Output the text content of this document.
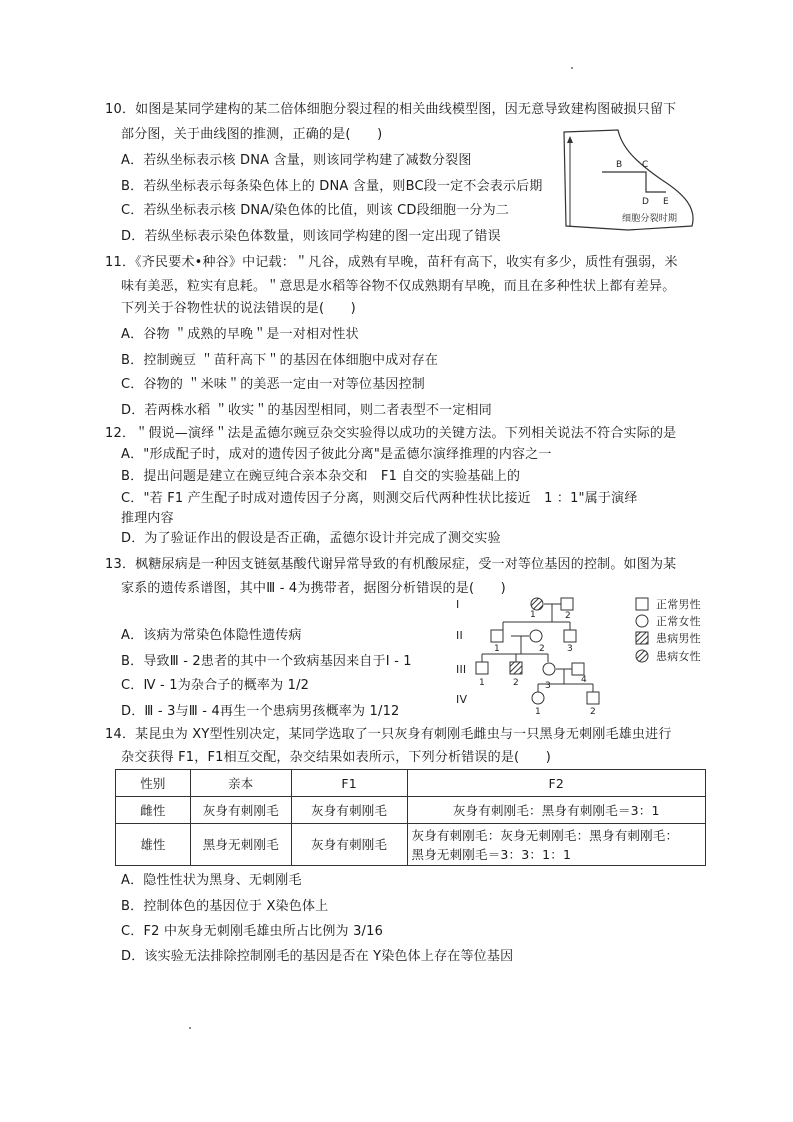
10．如图是某同学建构的某二倍体细胞分裂过程的相关曲线模型图，因无意导致建构图破损只留下
部分图，关于曲线图的推测，正确的是(　　)
A．若纵坐标表示核 DNA 含量，则该同学构建了减数分裂图
B．若纵坐标表示每条染色体上的 DNA 含量，则BC段一定不会表示后期
C．若纵坐标表示核 DNA/染色体的比值，则该 CD段细胞一分为二
D．若纵坐标表示染色体数量，则该同学构建的图一定出现了错误
B C
D E
细胞分裂时期
11．《齐民要术•种谷》中记载：＂凡谷，成熟有早晚，苗秆有高下，收实有多少，质性有强弱，米
味有美恶，粒实有息耗。＂意思是水稻等谷物不仅成熟期有早晚，而且在多种性状上都有差异。
下列关于谷物性状的说法错误的是(　　)
A．谷物 ＂成熟的早晚＂是一对相对性状
B．控制豌豆 ＂苗秆高下＂的基因在体细胞中成对存在
C．谷物的 ＂米味＂的美恶一定由一对等位基因控制
D．若两株水稻 ＂收实＂的基因型相同，则二者表型不一定相同
12．＂假说—演绎＂法是孟德尔豌豆杂交实验得以成功的关键方法。下列相关说法不符合实际的是
A．"形成配子时，成对的遗传因子彼此分离"是孟德尔演绎推理的内容之一
B．提出问题是建立在豌豆纯合亲本杂交和　F1 自交的实验基础上的
C．"若 F1 产生配子时成对遗传因子分离，则测交后代两种性状比接近　1 ：1"属于演绎
推理内容
D．为了验证作出的假设是否正确，孟德尔设计并完成了测交实验
13．枫糖尿病是一种因支链氨基酸代谢异常导致的有机酸尿症，受一对等位基因的控制。如图为某
家系的遗传系谱图，其中Ⅲ - 4为携带者，据图分析错误的是(　　)
A．该病为常染色体隐性遗传病
B．导致Ⅲ - 2患者的其中一个致病基因来自于Ⅰ - 1
C．Ⅳ - 1为杂合子的概率为 1/2
D．Ⅲ - 3与Ⅲ - 4再生一个患病男孩概率为 1/12
I
II
III
IV
1	2
1	2 3
1	2	3
4
1	2
正常男性
正常女性
患病男性
患病女性
14．某昆虫为 XY型性别决定，某同学选取了一只灰身有刺刚毛雌虫与一只黑身无刺刚毛雄虫进行
杂交获得 F1，F1相互交配，杂交结果如表所示，下列分析错误的是(　　)
性别	亲本	F1	F2
雌性	灰身有刺刚毛	灰身有刺刚毛	灰身有刺刚毛：黑身有刺刚毛＝3：1
雄性	黑身无刺刚毛	灰身有刺刚毛	灰身有刺刚毛：灰身无刺刚毛：黑身有刺刚毛：
黑身无刺刚毛＝3：3：1：1
A．隐性性状为黑身、无刺刚毛
B．控制体色的基因位于 X染色体上
C．F2 中灰身无刺刚毛雄虫所占比例为 3/16
D．该实验无法排除控制刚毛的基因是否在 Y染色体上存在等位基因
